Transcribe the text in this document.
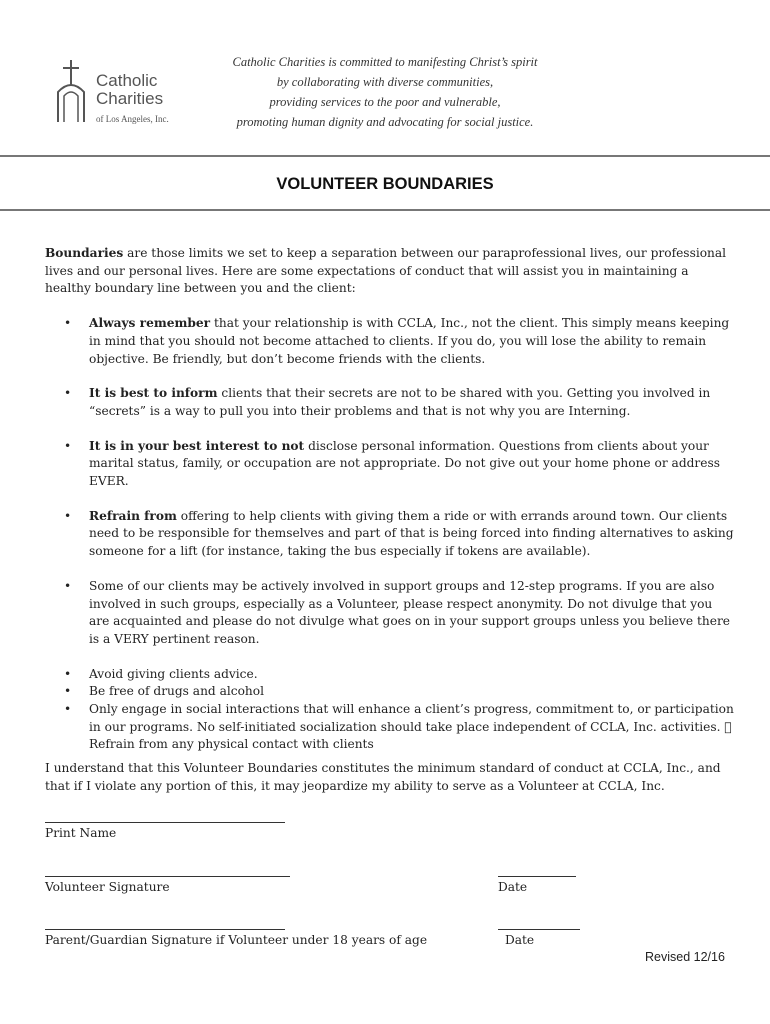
Catholic
Charities
of Los Angeles, Inc.
Catholic Charities is committed to manifesting Christ’s spirit
by collaborating with diverse communities,
providing services to the poor and vulnerable,
promoting human dignity and advocating for social justice.
VOLUNTEER BOUNDARIES

Boundaries are those limits we set to keep a separation between our paraprofessional lives, our professional lives and our personal lives. Here are some expectations of conduct that will assist you in maintaining a healthy boundary line between you and the client:

• Always remember that your relationship is with CCLA, Inc., not the client. This simply means keeping in mind that you should not become attached to clients. If you do, you will lose the ability to remain objective. Be friendly, but don’t become friends with the clients.
• It is best to inform clients that their secrets are not to be shared with you. Getting you involved in “secrets” is a way to pull you into their problems and that is not why you are Interning.
• It is in your best interest to not disclose personal information. Questions from clients about your marital status, family, or occupation are not appropriate. Do not give out your home phone or address EVER.
• Refrain from offering to help clients with giving them a ride or with errands around town. Our clients need to be responsible for themselves and part of that is being forced into finding alternatives to asking someone for a lift (for instance, taking the bus especially if tokens are available).
• Some of our clients may be actively involved in support groups and 12-step programs. If you are also involved in such groups, especially as a Volunteer, please respect anonymity. Do not divulge that you are acquainted and please do not divulge what goes on in your support groups unless you believe there is a VERY pertinent reason.
• Avoid giving clients advice.
• Be free of drugs and alcohol
• Only engage in social interactions that will enhance a client’s progress, commitment to, or participation in our programs. No self-initiated socialization should take place independent of CCLA, Inc. activities. Refrain from any physical contact with clients

I understand that this Volunteer Boundaries constitutes the minimum standard of conduct at CCLA, Inc., and that if I violate any portion of this, it may jeopardize my ability to serve as a Volunteer at CCLA, Inc.

Print Name
Volunteer Signature	Date
Parent/Guardian Signature if Volunteer under 18 years of age	Date
Revised 12/16
